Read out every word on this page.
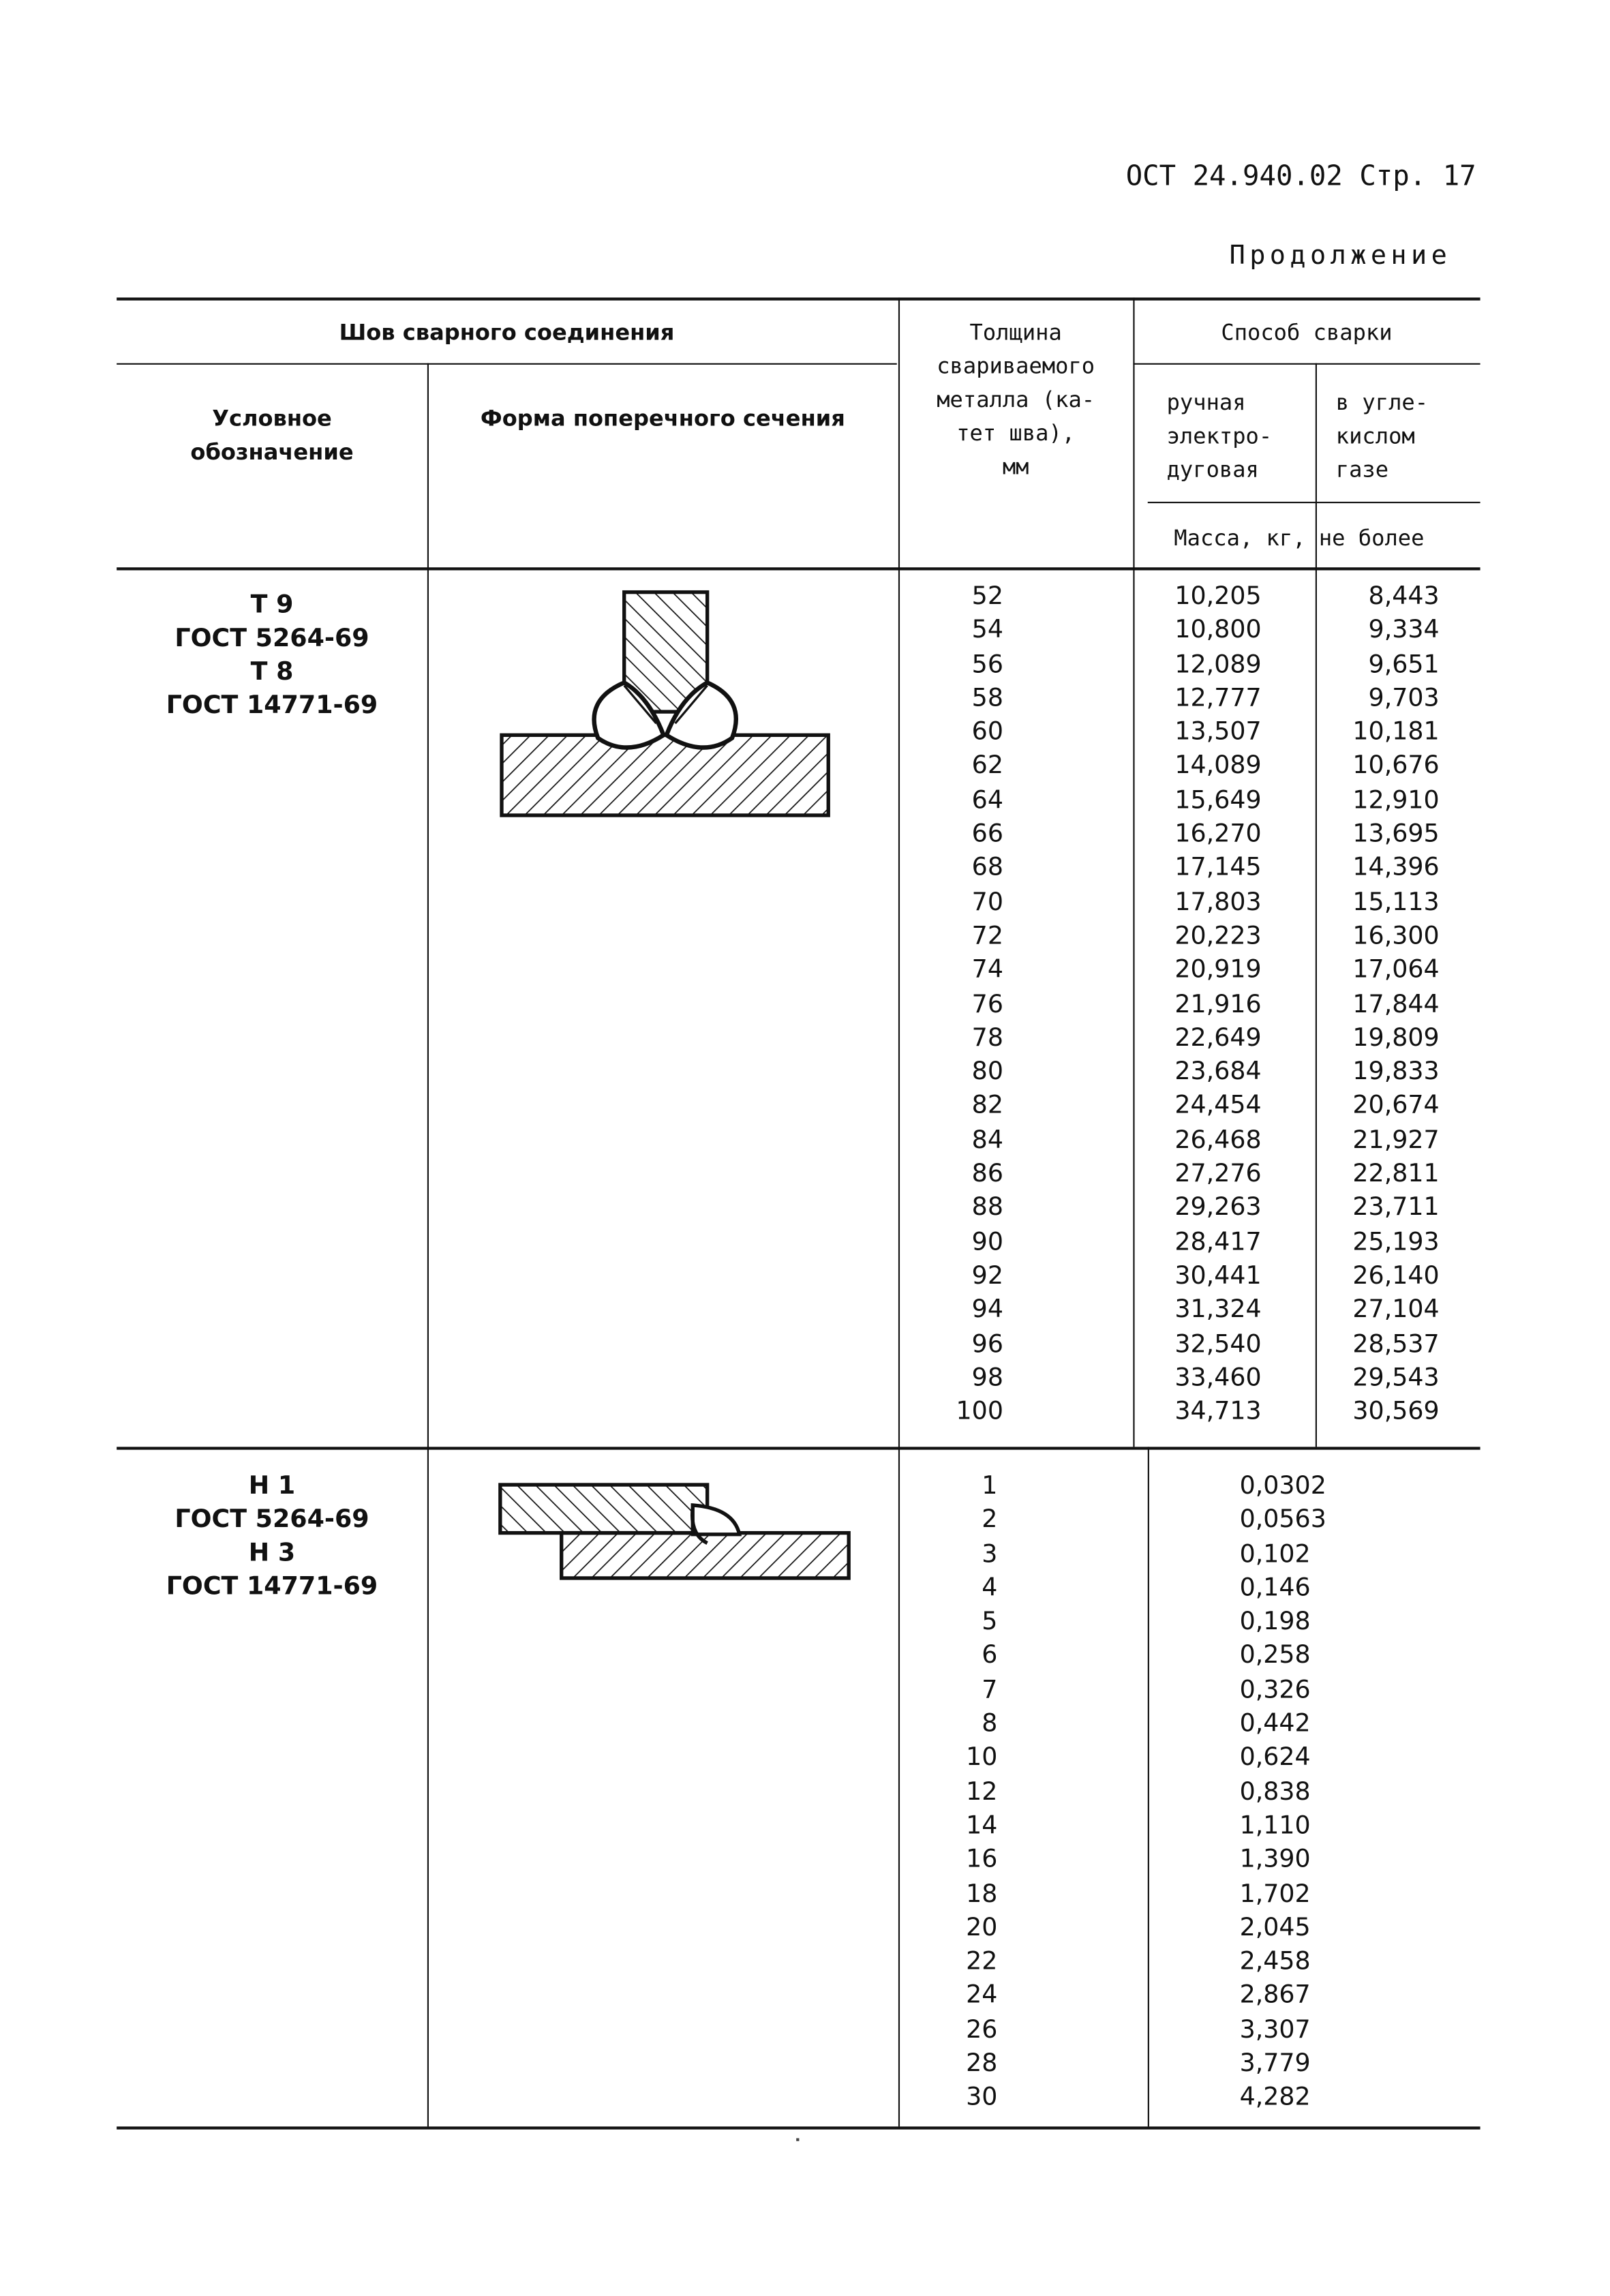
ОСТ 24.940.02 Стр. 17
Продолжение
Шов сварного соединения
Условное
обозначение
Форма поперечного сечения
Толщина
свариваемого
металла (ка-
тет шва),
мм
Способ сварки
ручная
электро-
дуговая
в угле-
кислом
газе
Масса, кг, не более
Т 9
ГОСТ 5264-69
Т 8
ГОСТ 14771-69
52
54
56
58
60
62
64
66
68
70
72
74
76
78
80
82
84
86
88
90
92
94
96
98
100
10,205
10,800
12,089
12,777
13,507
14,089
15,649
16,270
17,145
17,803
20,223
20,919
21,916
22,649
23,684
24,454
26,468
27,276
29,263
28,417
30,441
31,324
32,540
33,460
34,713
8,443
9,334
9,651
9,703
10,181
10,676
12,910
13,695
14,396
15,113
16,300
17,064
17,844
19,809
19,833
20,674
21,927
22,811
23,711
25,193
26,140
27,104
28,537
29,543
30,569
Н 1
ГОСТ 5264-69
Н 3
ГОСТ 14771-69
1
2
3
4
5
6
7
8
10
12
14
16
18
20
22
24
26
28
30
0,0302
0,0563
0,102
0,146
0,198
0,258
0,326
0,442
0,624
0,838
1,110
1,390
1,702
2,045
2,458
2,867
3,307
3,779
4,282
